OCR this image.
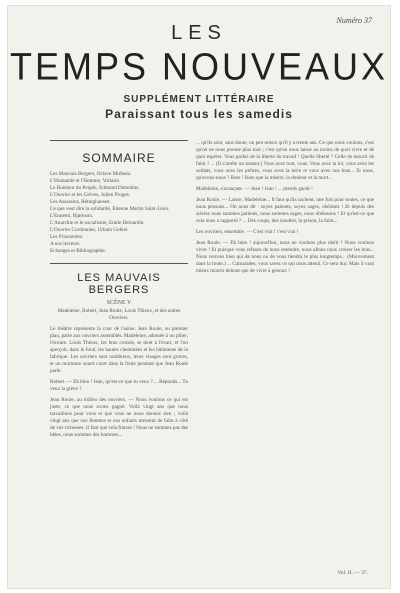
Numéro 37
LES
TEMPS NOUVEAUX
SUPPLÉMENT LITTÉRAIRE
Paraissant tous les samedis
SOMMAIRE
Les Mauvais Bergers, Octave Mirbeau.
L'Humanité et l'Homme, Voltaire.
Le Bonheur du Peuple, Edmond Demolins.
L'Ouvrier et les Grèves, Julien Proges.
Les Assassins, Rétinghausen.
Ce que veut dire la solidarité, Étienne Martin Saint-Léon.
L'Ennemi, Bjørnson.
L'Anarchie et le socialisme, Emile Bernardin.
L'Ouvrier Cordonnier, Urbain Gohier.
Les Prisonniers.
A nos lecteurs.
Échanges et Bibliographie.
LES MAUVAIS BERGERS
SCÈNE V
Madeleine, Robert, Jean Roule, Louis Thieux, et des autres Ouvriers.
Le théâtre représente la cour de l'usine. Jean Roule, au premier plan, parle aux ouvriers assemblés. Madeleine, adossée à un pilier, l'écoute. Louis Thieux, les bras croisés, se tient à l'écart, et l'on aperçoit, dans le fond, les hautes cheminées et les bâtiments de la fabrique. Les ouvriers sont nombreux, leurs visages sont graves, et un murmure sourd court dans la foule pendant que Jean Roule parle.
Robert. — Eh bien ! Jean, qu'est-ce que tu veux ? ... Réponds... Tu veux la grève ?
Jean Roule, au milieu des ouvriers. — Nous voulons ce qui est juste, ce que nous avons gagné. Voilà vingt ans que nous travaillons pour vous et que vous ne nous donnez rien ; voilà vingt ans que nos femmes et nos enfants meurent de faim à côté de vos richesses. Il faut que cela finisse ! Nous ne sommes pas des bêtes, nous sommes des hommes...
... qu'ils sont, sans doute, un peu mieux qu'il y a trente ans. Ce que nous voulons, c'est qu'on ne nous prenne plus tout ; c'est qu'on nous laisse au moins de quoi vivre et de quoi espérer. Vous parlez de la liberté du travail ! Quelle liberté ? Celle de mourir de faim ? ... (Il s'arrête un instant.) Vous avez tout, vous. Vous avez la loi, vous avez les soldats, vous avez les prêtres, vous avez la terre et vous avez nos bras... Et nous, qu'avons-nous ? Rien ! Rien que la misère, la douleur et la mort...
Madeleine, s'avançant. — Jean ! Jean ! ... prends garde !
Jean Roule. — Laisse, Madeleine... Il faut qu'ils sachent, une fois pour toutes, ce que nous pensons... On nous dit : soyez patients, soyez sages, obéissez ! Et depuis des siècles nous sommes patients, nous sommes sages, nous obéissons ! Et qu'est-ce que cela nous a rapporté ? ... Des coups, des insultes, la prison, la faim...
Les ouvriers, ensemble. — C'est vrai ! c'est vrai !
Jean Roule. — Eh bien ! aujourd'hui, nous ne voulons plus obéir ! Nous voulons vivre ! Et puisque vous refusez de nous entendre, nous allons nous croiser les bras... Nous verrons bien qui de nous ou de vous tiendra le plus longtemps... (Mouvement dans la foule.) ... Camarades, vous savez ce qui nous attend. Ce sera dur. Mais il vaut mieux mourir debout que de vivre à genoux !
Vol. II. — 37.
